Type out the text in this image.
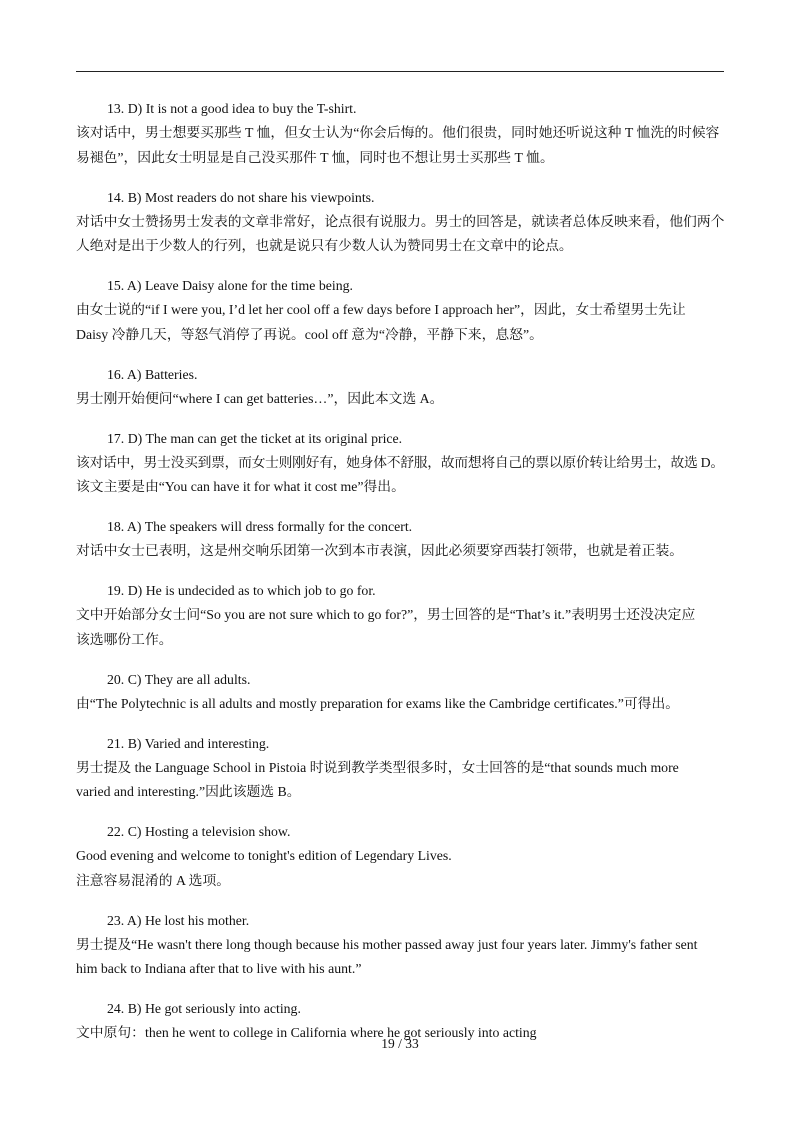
13. D) It is not a good idea to buy the T-shirt.
该对话中，男士想要买那些 T 恤，但女士认为“你会后悔的。他们很贵，同时她还听说这种 T 恤洗的时候容
易褪色”，因此女士明显是自己没买那件 T 恤，同时也不想让男士买那些 T 恤。
14. B) Most readers do not share his viewpoints.
对话中女士赞扬男士发表的文章非常好，论点很有说服力。男士的回答是，就读者总体反映来看，他们两个
人绝对是出于少数人的行列，也就是说只有少数人认为赞同男士在文章中的论点。
15. A) Leave Daisy alone for the time being.
由女士说的“if I were you, I’d let her cool off a few days before I approach her”，因此，女士希望男士先让
Daisy 冷静几天，等怒气消停了再说。cool off 意为“冷静，平静下来，息怒”。
16. A) Batteries.
男士刚开始便问“where I can get batteries…”，因此本文选 A。
17. D) The man can get the ticket at its original price.
该对话中，男士没买到票，而女士则刚好有，她身体不舒服，故而想将自己的票以原价转让给男士，故选 D。
该文主要是由“You can have it for what it cost me”得出。
18. A) The speakers will dress formally for the concert.
对话中女士已表明，这是州交响乐团第一次到本市表演，因此必须要穿西装打领带，也就是着正装。
19. D) He is undecided as to which job to go for.
文中开始部分女士问“So you are not sure which to go for?”，男士回答的是“That’s it.”表明男士还没决定应
该选哪份工作。
20. C) They are all adults.
由“The Polytechnic is all adults and mostly preparation for exams like the Cambridge certificates.”可得出。
21. B) Varied and interesting.
男士提及 the Language School in Pistoia 时说到教学类型很多时，女士回答的是“that sounds much more
varied and interesting.”因此该题选 B。
22. C) Hosting a television show.
Good evening and welcome to tonight's edition of Legendary Lives.
注意容易混淆的 A 选项。
23. A) He lost his mother.
男士提及“He wasn't there long though because his mother passed away just four years later. Jimmy's father sent
him back to Indiana after that to live with his aunt.”
24. B) He got seriously into acting.
文中原句：then he went to college in California where he got seriously into acting
19 / 33
